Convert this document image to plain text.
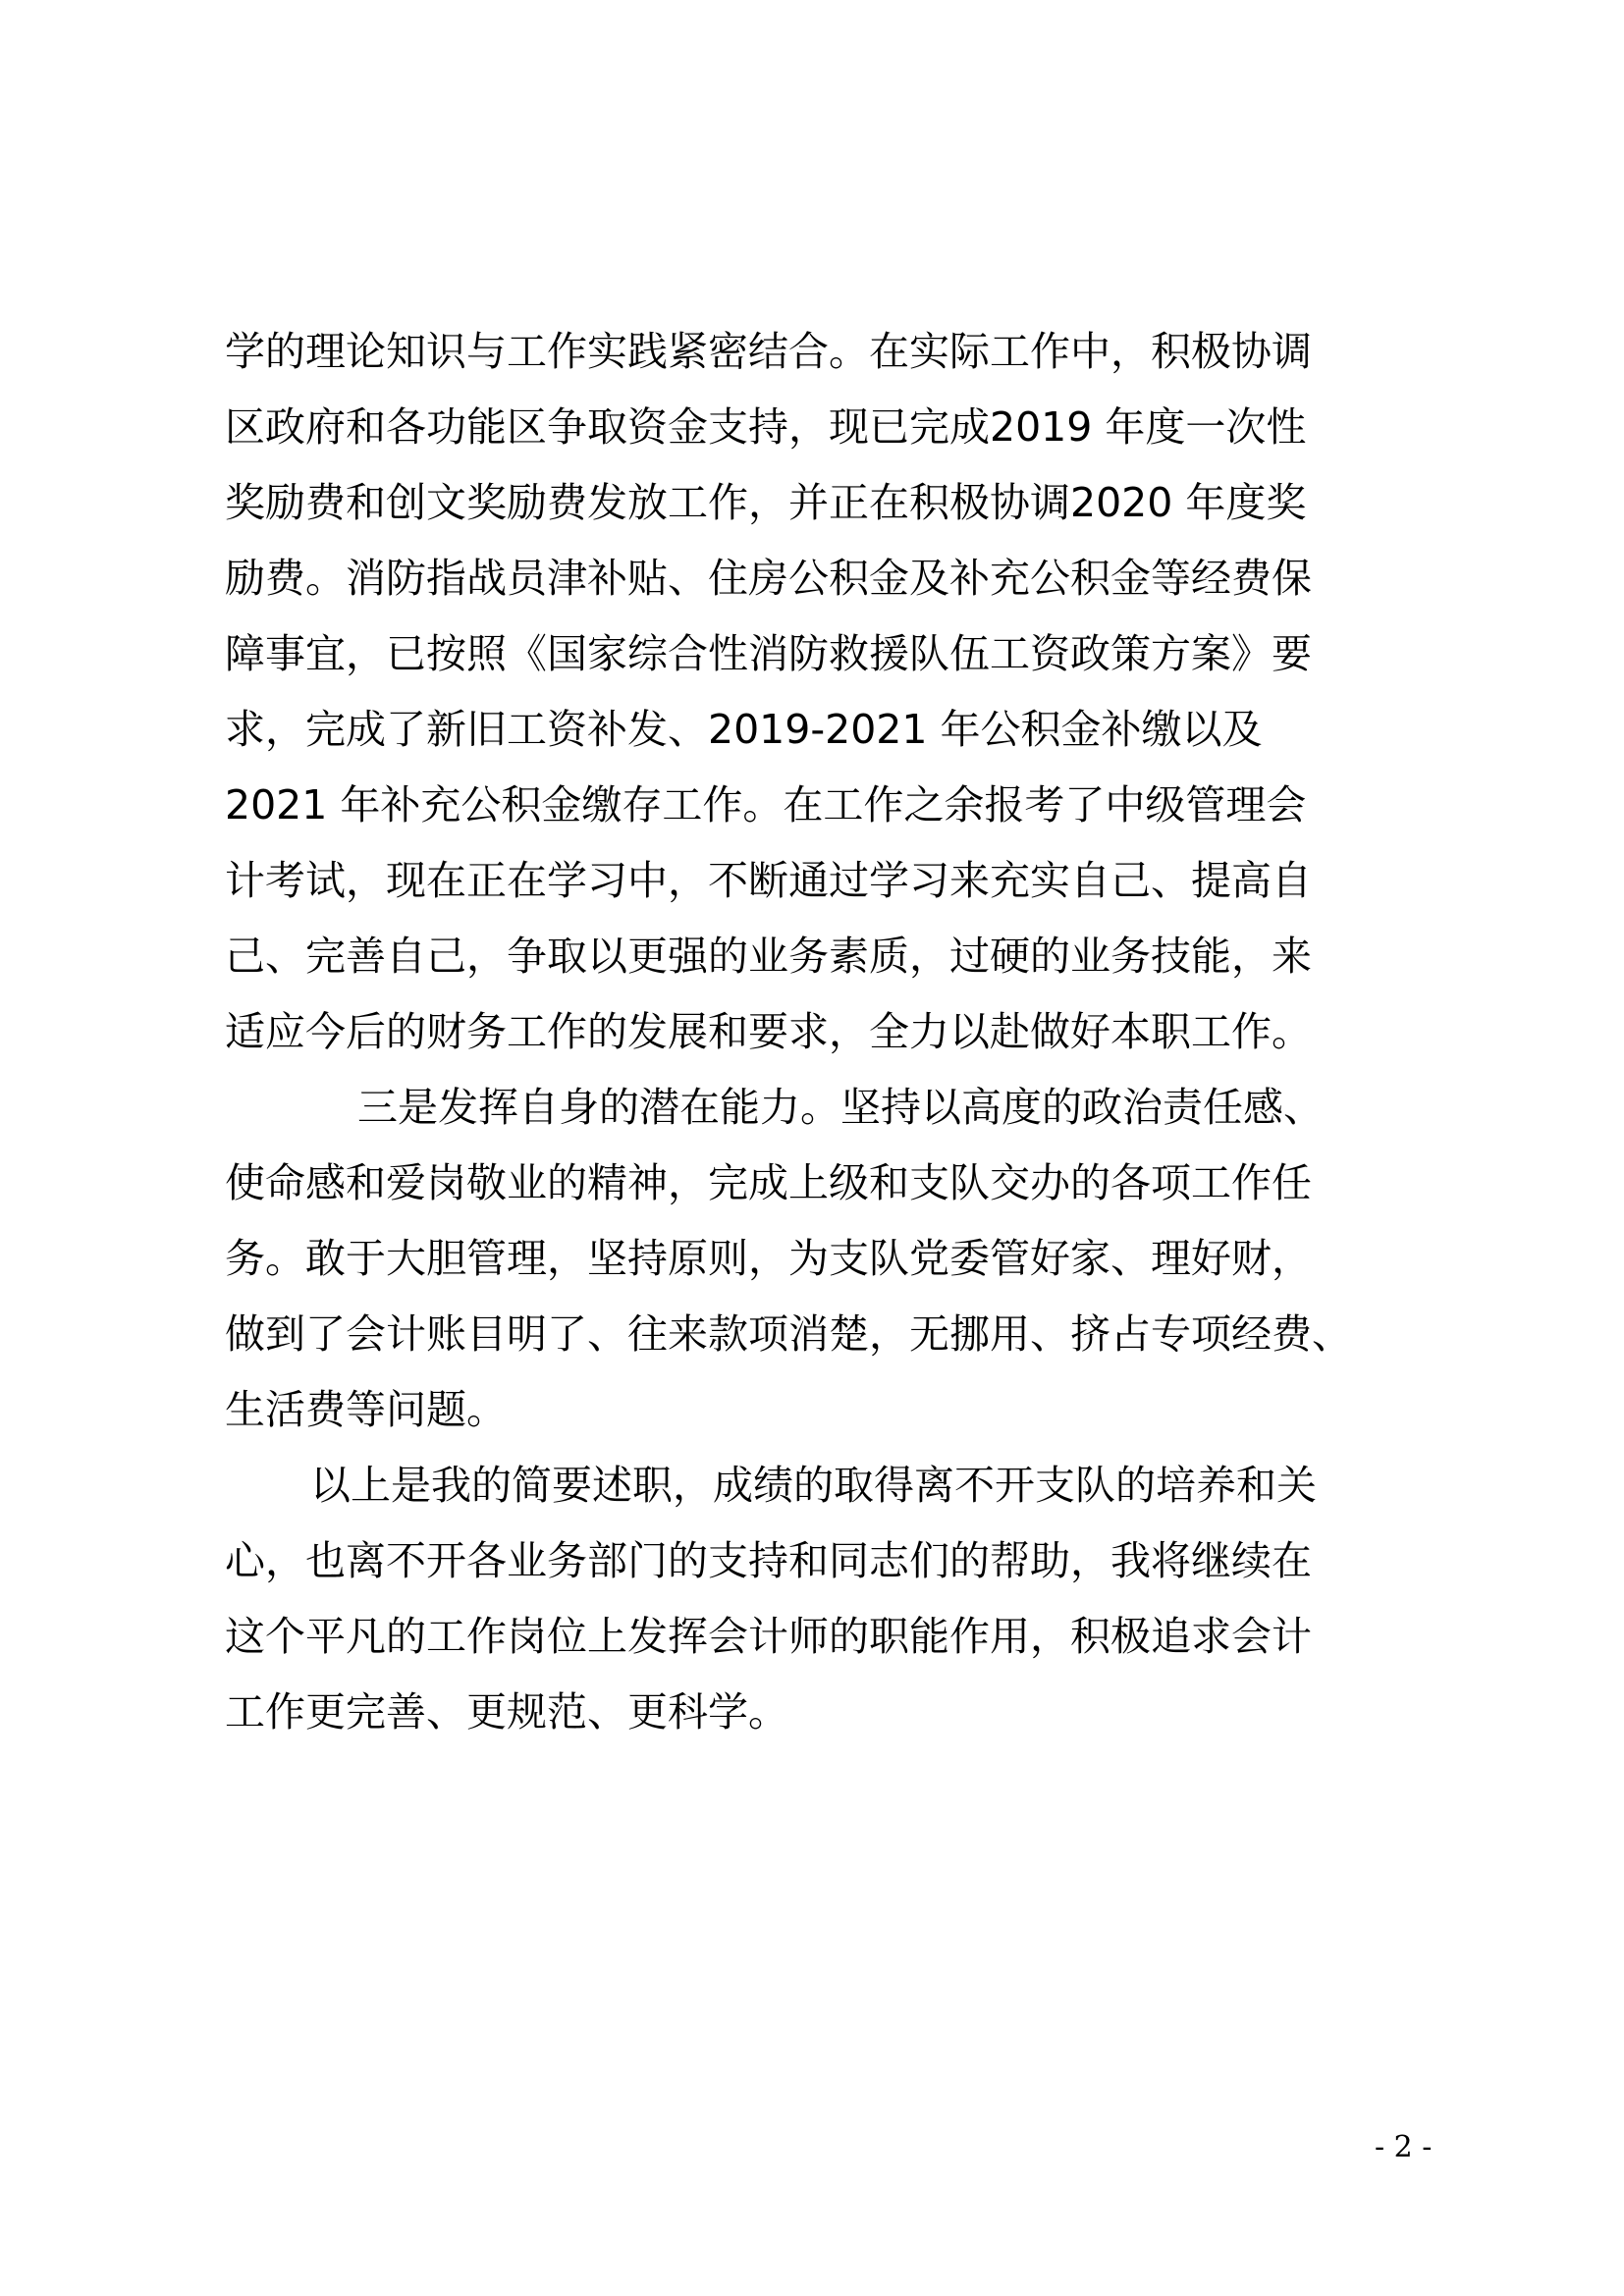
学的理论知识与工作实践紧密结合。在实际工作中，积极协调
区政府和各功能区争取资金支持，现已完成2019 年度一次性
奖励费和创文奖励费发放工作，并正在积极协调2020 年度奖
励费。消防指战员津补贴、住房公积金及补充公积金等经费保
障事宜，已按照《国家综合性消防救援队伍工资政策方案》要
求，完成了新旧工资补发、2019-2021 年公积金补缴以及
2021 年补充公积金缴存工作。在工作之余报考了中级管理会
计考试，现在正在学习中，不断通过学习来充实自己、提高自
己、完善自己，争取以更强的业务素质，过硬的业务技能，来
适应今后的财务工作的发展和要求，全力以赴做好本职工作。
三是发挥自身的潜在能力。坚持以高度的政治责任感、
使命感和爱岗敬业的精神，完成上级和支队交办的各项工作任
务。敢于大胆管理，坚持原则，为支队党委管好家、理好财，
做到了会计账目明了、往来款项消楚，无挪用、挤占专项经费、
生活费等问题。
以上是我的简要述职，成绩的取得离不开支队的培养和关
心，也离不开各业务部门的支持和同志们的帮助，我将继续在
这个平凡的工作岗位上发挥会计师的职能作用，积极追求会计
工作更完善、更规范、更科学。
- 2 -
